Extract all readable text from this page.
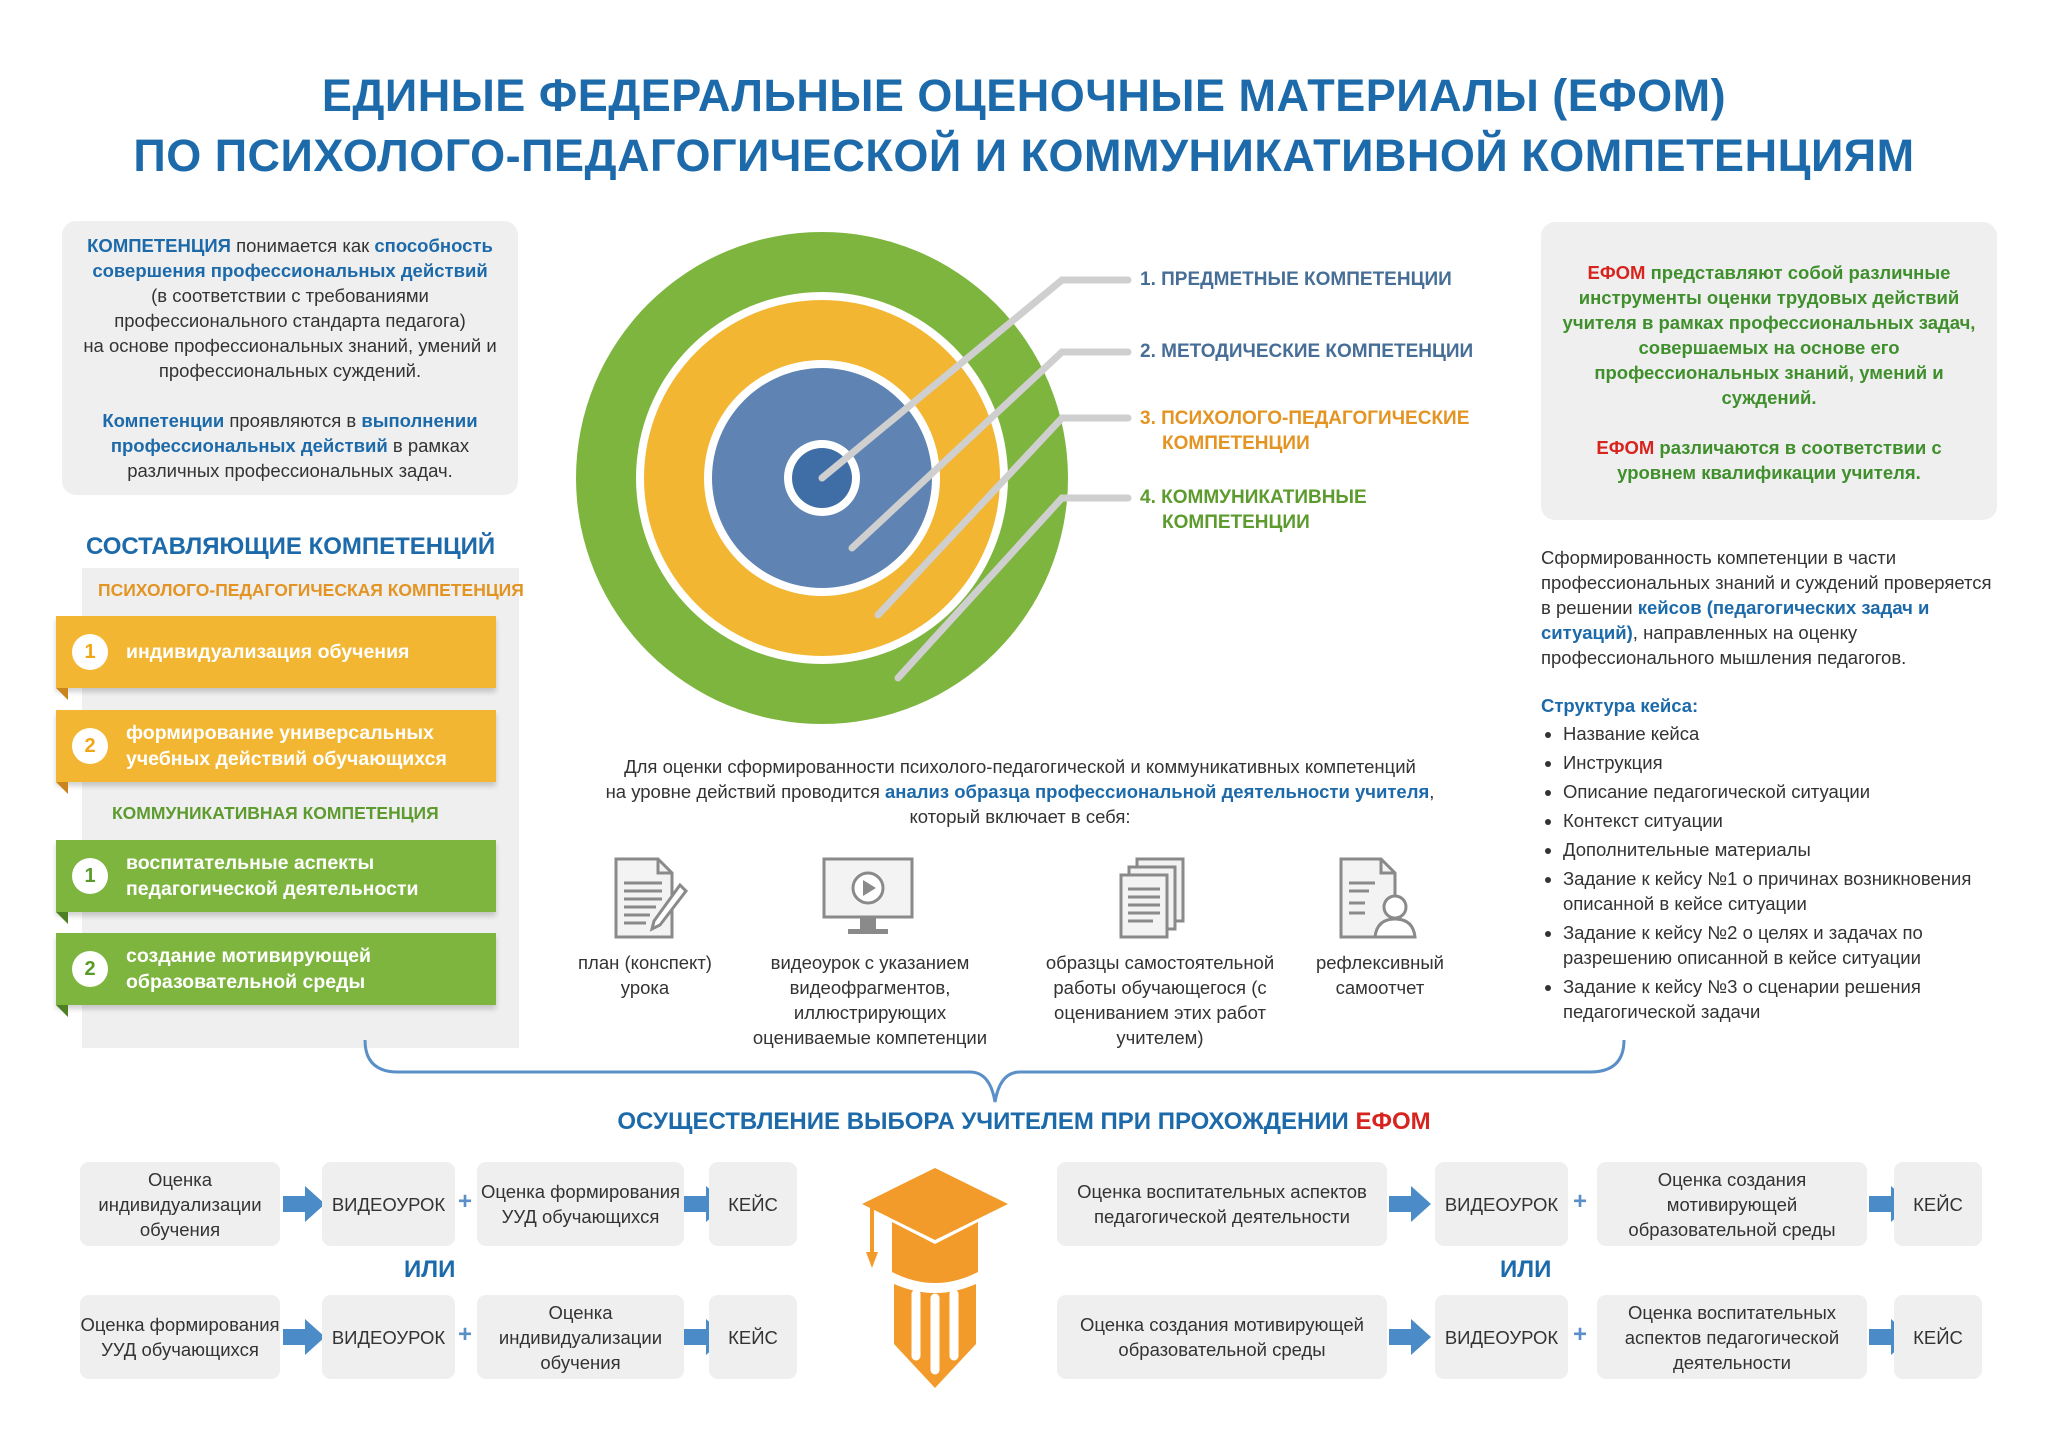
ЕДИНЫЕ ФЕДЕРАЛЬНЫЕ ОЦЕНОЧНЫЕ МАТЕРИАЛЫ (ЕФОМ)
ПО ПСИХОЛОГО-ПЕДАГОГИЧЕСКОЙ И КОММУНИКАТИВНОЙ КОМПЕТЕНЦИЯМ
КОМПЕТЕНЦИЯ понимается как способность совершения профессиональных действий
(в соответствии с требованиями профессионального стандарта педагога)
на основе профессиональных знаний, умений и профессиональных суждений.
Компетенции проявляются в выполнении профессиональных действий в рамках различных профессиональных задач.
СОСТАВЛЯЮЩИЕ КОМПЕТЕНЦИЙ
ПСИХОЛОГО-ПЕДАГОГИЧЕСКАЯ КОМПЕТЕНЦИЯ
1	индивидуализация обучения
2
формирование универсальных учебных действий обучающихся
КОММУНИКАТИВНАЯ КОМПЕТЕНЦИЯ
1
воспитательные аспекты педагогической деятельности
2
создание мотивирующей образовательной среды
1. ПРЕДМЕТНЫЕ КОМПЕТЕНЦИИ
2. МЕТОДИЧЕСКИЕ КОМПЕТЕНЦИИ
3. ПСИХОЛОГО-ПЕДАГОГИЧЕСКИЕ
КОМПЕТЕНЦИИ
4. КОММУНИКАТИВНЫЕ
КОМПЕТЕНЦИИ
ЕФОМ представляют собой различные инструменты оценки трудовых действий учителя в рамках профессиональных задач, совершаемых на основе его профессиональных знаний, умений и суждений.
ЕФОМ различаются в соответствии с уровнем квалификации учителя.
Сформированность компетенции в части профессиональных знаний и суждений проверяется в решении кейсов (педагогических задач и ситуаций), направленных на оценку профессионального мышления педагогов.
Структура кейса:
• Название кейса
• Инструкция
• Описание педагогической ситуации
• Контекст ситуации
• Дополнительные материалы
• Задание к кейсу №1 о причинах возникновения описанной в кейсе ситуации
• Задание к кейсу №2 о целях и задачах по разрешению описанной в кейсе ситуации
• Задание к кейсу №3 о сценарии решения педагогической задачи
Для оценки сформированности психолого-педагогической и коммуникативных компетенций
на уровне действий проводится анализ образца профессиональной деятельности учителя,
который включает в себя:
план (конспект) урока
видеоурок с указанием видеофрагментов, иллюстрирующих оцениваемые компетенции
образцы самостоятельной работы обучающегося (с оцениванием этих работ учителем)
рефлексивный самоотчет
ОСУЩЕСТВЛЕНИЕ ВЫБОРА УЧИТЕЛЕМ ПРИ ПРОХОЖДЕНИИ ЕФОМ
Оценка индивидуализации обучения
ВИДЕОУРОК + Оценка формирования УУД обучающихся
КЕЙС
ИЛИ
Оценка формирования УУД обучающихся
ВИДЕОУРОК +
Оценка индивидуализации обучения
КЕЙС
Оценка воспитательных аспектов педагогической деятельности
ВИДЕОУРОК +
Оценка создания мотивирующей образовательной среды
КЕЙС
ИЛИ
Оценка создания мотивирующей образовательной среды
ВИДЕОУРОК +
Оценка воспитательных аспектов педагогической деятельности
КЕЙС
